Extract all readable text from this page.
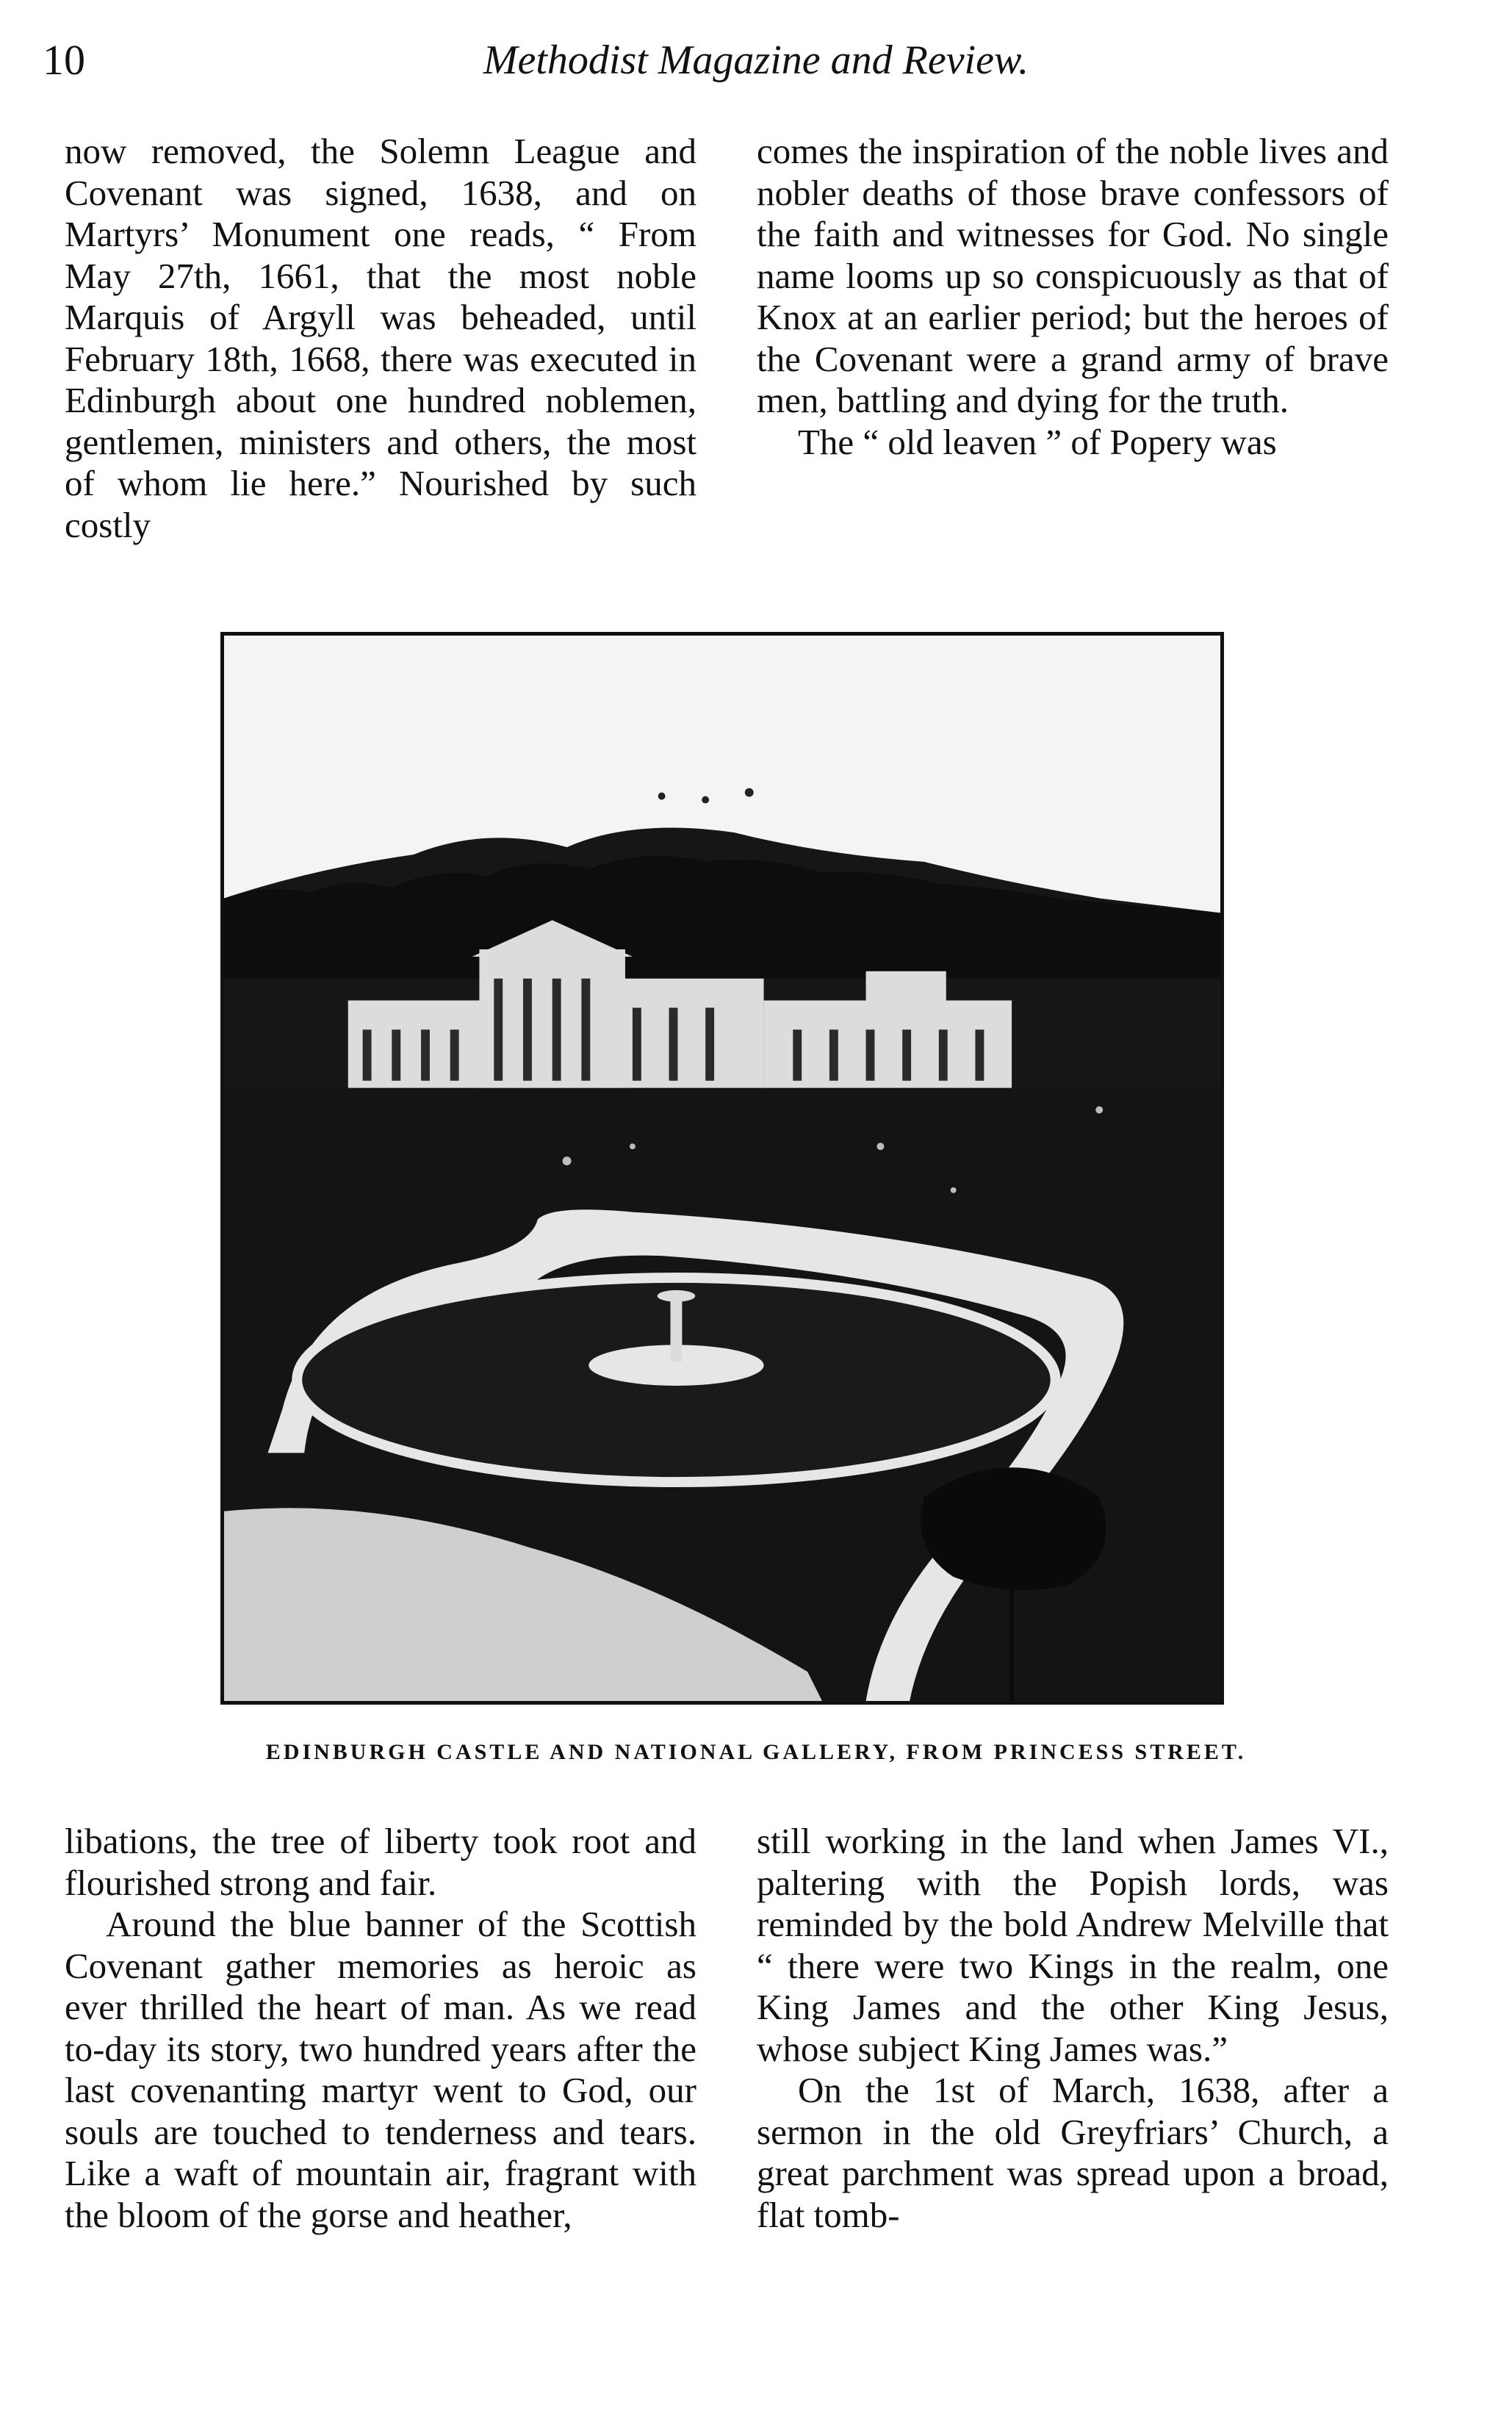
10	Methodist Magazine and Review.

now removed, the Solemn League and Covenant was signed, 1638, and on Martyrs’ Monument one reads, “ From May 27th, 1661, that the most noble Marquis of Argyll was beheaded, until February 18th, 1668, there was executed in Edinburgh about one hundred noblemen, gentlemen, ministers and others, the most of whom lie here.” Nourished by such costly

comes the inspiration of the noble lives and nobler deaths of those brave confessors of the faith and witnesses for God. No single name looms up so conspicuously as that of Knox at an earlier period; but the heroes of the Covenant were a grand army of brave men, battling and dying for the truth.

The “ old leaven ” of Popery was

EDINBURGH CASTLE AND NATIONAL GALLERY, FROM PRINCESS STREET.

libations, the tree of liberty took root and flourished strong and fair.

Around the blue banner of the Scottish Covenant gather memories as heroic as ever thrilled the heart of man. As we read to-day its story, two hundred years after the last covenanting martyr went to God, our souls are touched to tenderness and tears. Like a waft of mountain air, fragrant with the bloom of the gorse and heather,

still working in the land when James VI., paltering with the Popish lords, was reminded by the bold Andrew Melville that “ there were two Kings in the realm, one King James and the other King Jesus, whose subject King James was.”

On the 1st of March, 1638, after a sermon in the old Greyfriars’ Church, a great parchment was spread upon a broad, flat tomb-
